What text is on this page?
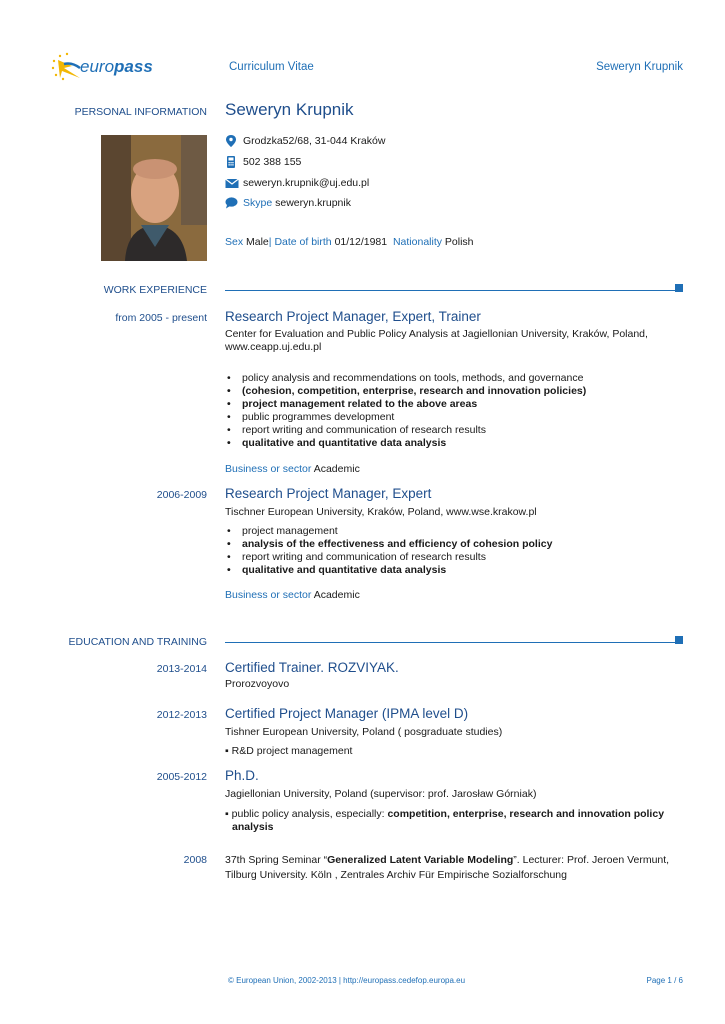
europass	Curriculum Vitae	Seweryn Krupnik
PERSONAL INFORMATION Seweryn Krupnik
Grodzka52/68, 31-044 Kraków
502 388 155
seweryn.krupnik@uj.edu.pl
Skype seweryn.krupnik
Sex Male| Date of birth 01/12/1981 Nationality Polish
WORK EXPERIENCE
from 2005 - present Research Project Manager, Expert, Trainer
Center for Evaluation and Public Policy Analysis at Jagiellonian University, Kraków, Poland,
www.ceapp.uj.edu.pl
• policy analysis and recommendations on tools, methods, and governance
• (cohesion, competition, enterprise, research and innovation policies)
• project management related to the above areas
• public programmes development
• report writing and communication of research results
• qualitative and quantitative data analysis
Business or sector Academic
2006-2009 Research Project Manager, Expert
Tischner European University, Kraków, Poland, www.wse.krakow.pl
• project management
• analysis of the effectiveness and efficiency of cohesion policy
• report writing and communication of research results
• qualitative and quantitative data analysis
Business or sector Academic
EDUCATION AND TRAINING
2013-2014 Certified Trainer. ROZVIYAK.
Prorozvoyovo
2012-2013 Certified Project Manager (IPMA level D)
Tishner European University, Poland ( posgraduate studies)
▪ R&D project management
2005-2012 Ph.D.
Jagiellonian University, Poland (supervisor: prof. Jarosław Górniak)
▪ public policy analysis, especially: competition, enterprise, research and innovation policy
analysis
2008 37th Spring Seminar “Generalized Latent Variable Modeling”. Lecturer: Prof. Jeroen Vermunt,
Tilburg University. Köln , Zentrales Archiv Für Empirische Sozialforschung
© European Union, 2002-2013 | http://europass.cedefop.europa.eu	Page 1 / 6
